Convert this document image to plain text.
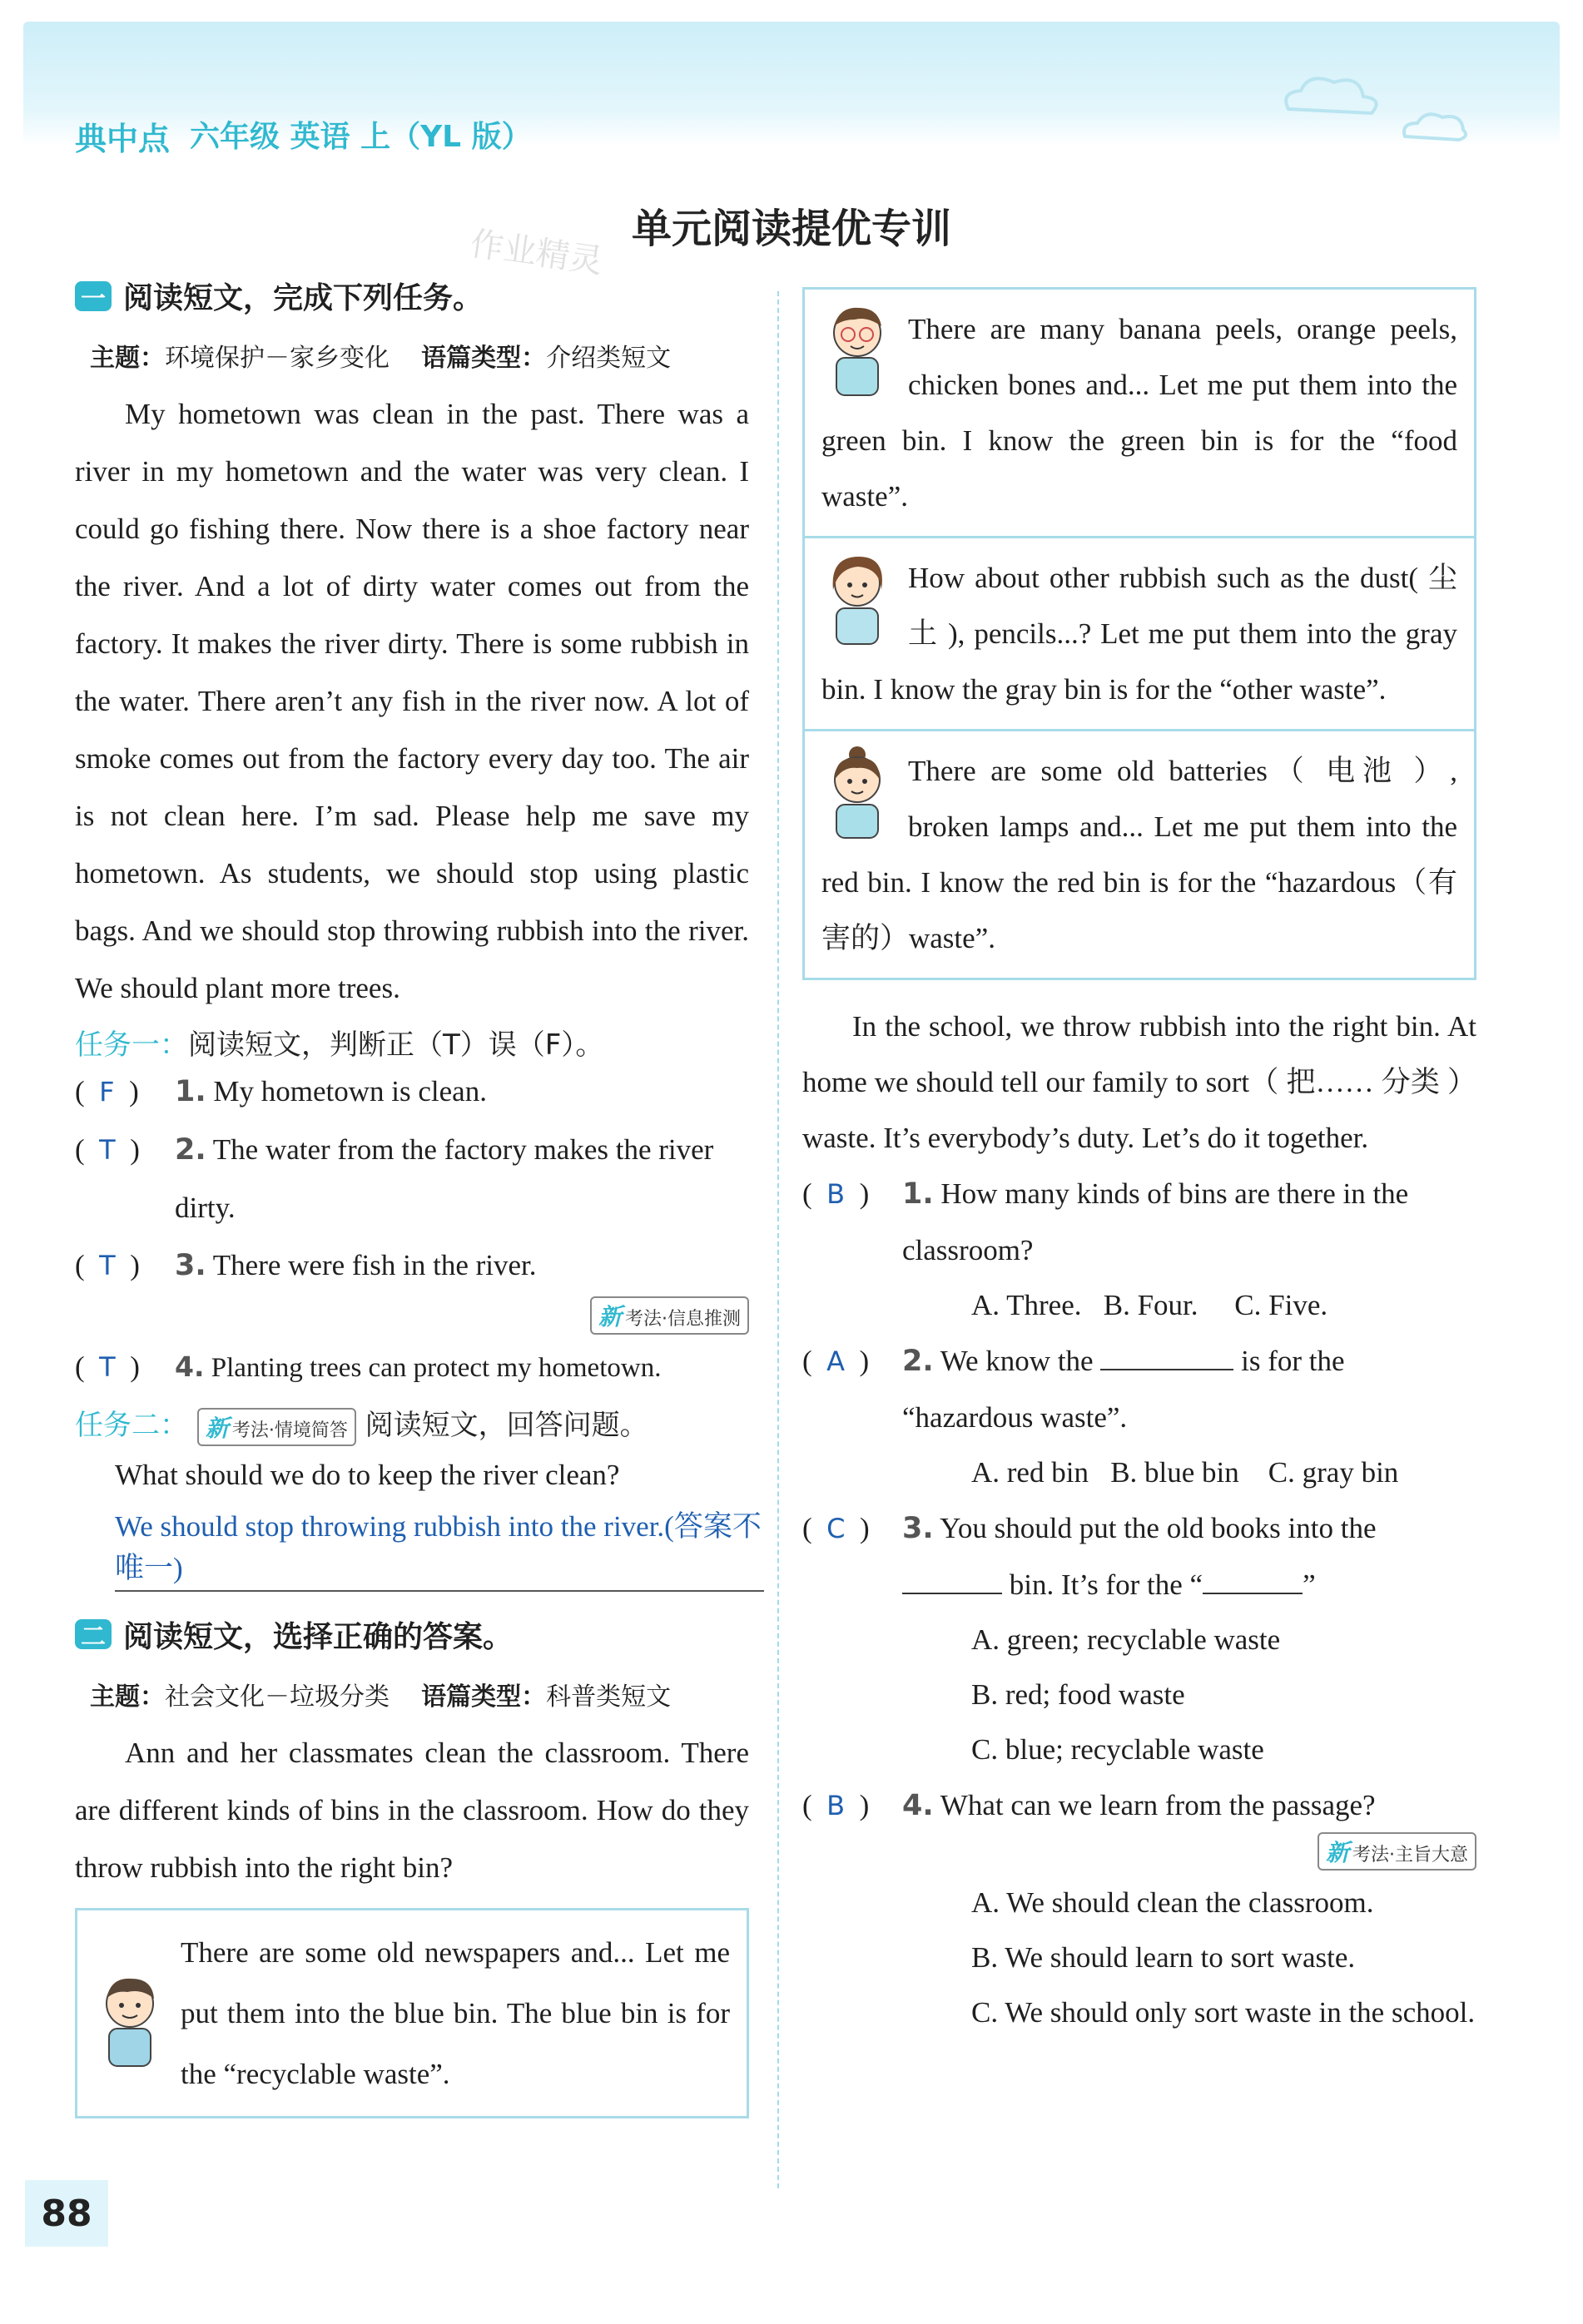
典中点 六年级 英语 上（YL 版）
单元阅读提优专训
作业精灵
一 阅读短文，完成下列任务。
主题：环境保护－家乡变化 语篇类型：介绍类短文

My hometown was clean in the past. There was a river in my hometown and the water was very clean. I could go fishing there. Now there is a shoe factory near the river. And a lot of dirty water comes out from the factory. It makes the river dirty. There is some rubbish in the water. There aren’t any fish in the river now. A lot of smoke comes out from the factory every day too. The air is not clean here. I’m sad. Please help me save my hometown. As students, we should stop using plastic bags. And we should stop throwing rubbish into the river. We should plant more trees.

任务一：阅读短文，判断正（T）误（F）。
(  F  )	1. My hometown is clean.
(  T  )	2. The water from the factory makes the river dirty.
(  T  )	3. There were fish in the river.
新 考法·信息推测
(  T  )	4. Planting trees can protect my hometown.
任务二： 新 考法·情境简答 阅读短文，回答问题。
What should we do to keep the river clean?
We should stop throwing rubbish into the river.(答案不唯一)
二 阅读短文，选择正确的答案。
主题：社会文化－垃圾分类 语篇类型：科普类短文

Ann and her classmates clean the classroom. There are different kinds of bins in the classroom. How do they throw rubbish into the right bin?

There are some old newspapers and... Let me put them into the blue bin. The blue bin is for the “recyclable waste”.
There are many banana peels, orange peels, chicken bones and... Let me put them into the green bin. I know the green bin is for the “food waste”.
How about other rubbish such as the dust( 尘土 ), pencils...? Let me put them into the gray bin. I know the gray bin is for the “other waste”.
There are some old batteries（ 电池 ）, broken lamps and... Let me put them into the red bin. I know the red bin is for the “hazardous（有害的）waste”.

In the school, we throw rubbish into the right bin. At home we should tell our family to sort（ 把…… 分类 ）waste. It’s everybody’s duty. Let’s do it together.

(  B  )	1. How many kinds of bins are there in the classroom?
A. Three. B. Four. C. Five.
(  A  )	2. We know the	is for the “hazardous waste”.
A. red bin B. blue bin C. gray bin
(  C  )	3. You should put the old books into the  bin. It’s for the “	”
A. green; recyclable waste
B. red; food waste
C. blue; recyclable waste
(  B  )	4. What can we learn from the passage?
新 考法·主旨大意
A. We should clean the classroom.
B. We should learn to sort waste.
C. We should only sort waste in the school.
88
